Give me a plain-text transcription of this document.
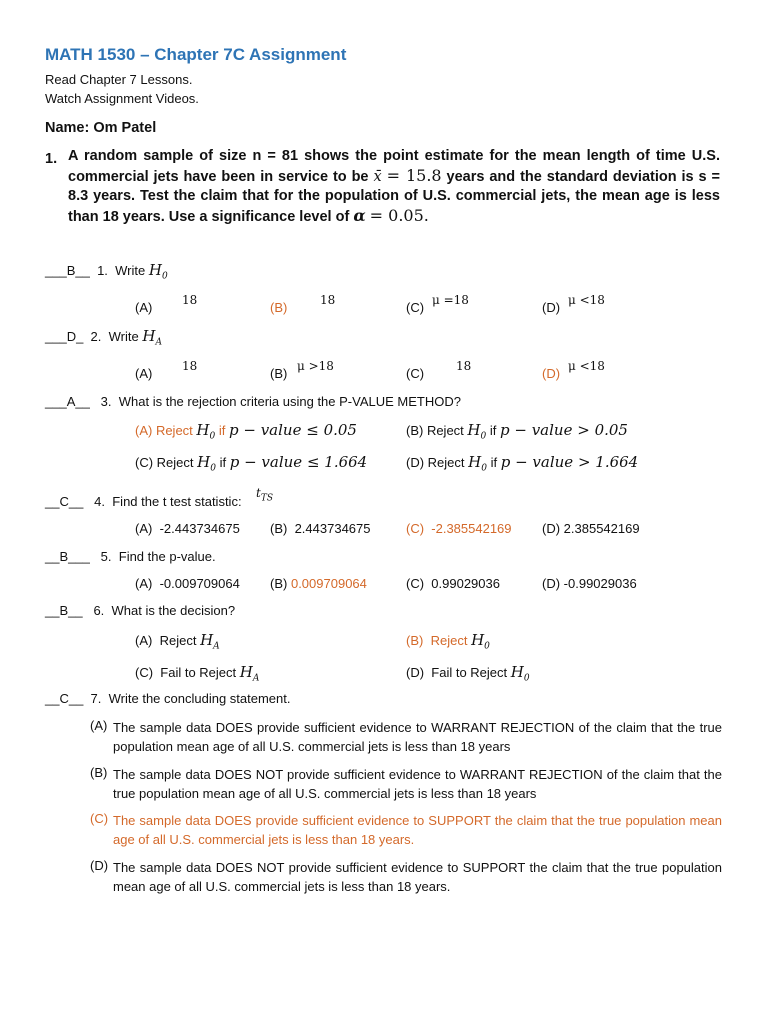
MATH 1530 – Chapter 7C Assignment
Read Chapter 7 Lessons.
Watch Assignment Videos.
Name: Om Patel
1. A random sample of size n = 81 shows the point estimate for the mean length of time U.S. commercial jets have been in service to be x̄ = 15.8 years and the standard deviation is s = 8.3 years. Test the claim that for the population of U.S. commercial jets, the mean age is less than 18 years. Use a significance level of α = 0.05.
___B__ 1. Write $H_0$
(A) 18	(B)	18	(C) μ =18	(D) μ <18
___D_ 2. Write $H_A$
(A) 18	(B) μ >18	(C)	18	(D) μ <18
___A__ 3. What is the rejection criteria using the P-VALUE METHOD?
(A) Reject $H_0$ if p − value ≤ 0.05	(B) Reject $H_0$ if p − value > 0.05
(C) Reject $H_0$ if p − value ≤ 1.664	(D) Reject $H_0$ if p − value > 1.664
__C__ 4. Find the t test statistic:
$t_{TS}$
(A) -2.443734675 (B) 2.443734675	(C) -2.385542169 (D) 2.385542169
__B___ 5. Find the p-value.
(A) -0.009709064 (B) 0.009709064	(C) 0.99029036	(D) -0.99029036
__B__ 6. What is the decision?
(A) Reject $H_A$	(B) Reject $H_0$
(C) Fail to Reject $H_A$	(D) Fail to Reject $H_0$
__C__ 7. Write the concluding statement.
(A) The sample data DOES provide sufficient evidence to WARRANT REJECTION of the claim that the true population mean age of all U.S. commercial jets is less than 18 years
(B) The sample data DOES NOT provide sufficient evidence to WARRANT REJECTION of the claim that the true population mean age of all U.S. commercial jets is less than 18 years
(C) The sample data DOES provide sufficient evidence to SUPPORT the claim that the true population mean age of all U.S. commercial jets is less than 18 years.
(D) The sample data DOES NOT provide sufficient evidence to SUPPORT the claim that the true population mean age of all U.S. commercial jets is less than 18 years.
